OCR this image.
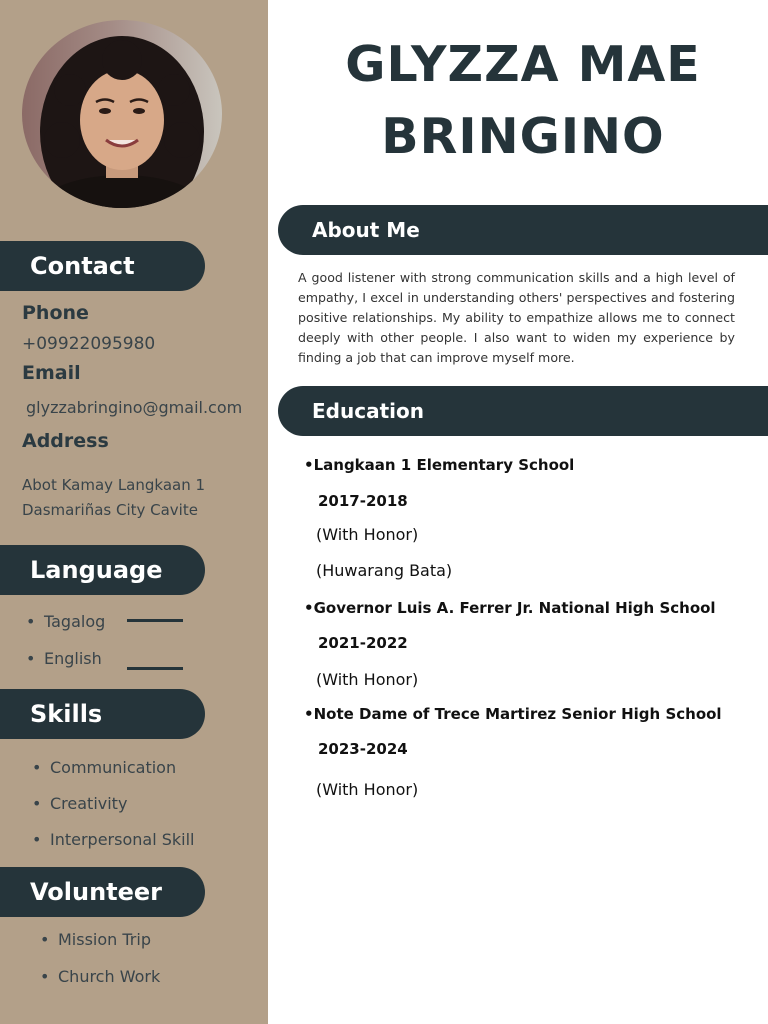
Contact
Phone
+09922095980
Email
glyzzabringino@gmail.com
Address
Abot Kamay Langkaan 1
Dasmariñas City Cavite
Language
• Tagalog
• English
Skills
• Communication
• Creativity
• Interpersonal Skill
Volunteer
• Mission Trip
• Church Work
GLYZZA MAE
BRINGINO
About Me
A good listener with strong communication skills and a high level of empathy, I excel in understanding others' perspectives and fostering positive relationships. My ability to empathize allows me to connect deeply with other people. I also want to widen my experience by finding a job that can improve myself more.
Education
•Langkaan 1 Elementary School
2017-2018
(With Honor)
(Huwarang Bata)
•Governor Luis A. Ferrer Jr. National High School
2021-2022
(With Honor)
•Note Dame of Trece Martirez Senior High School
2023-2024
(With Honor)
